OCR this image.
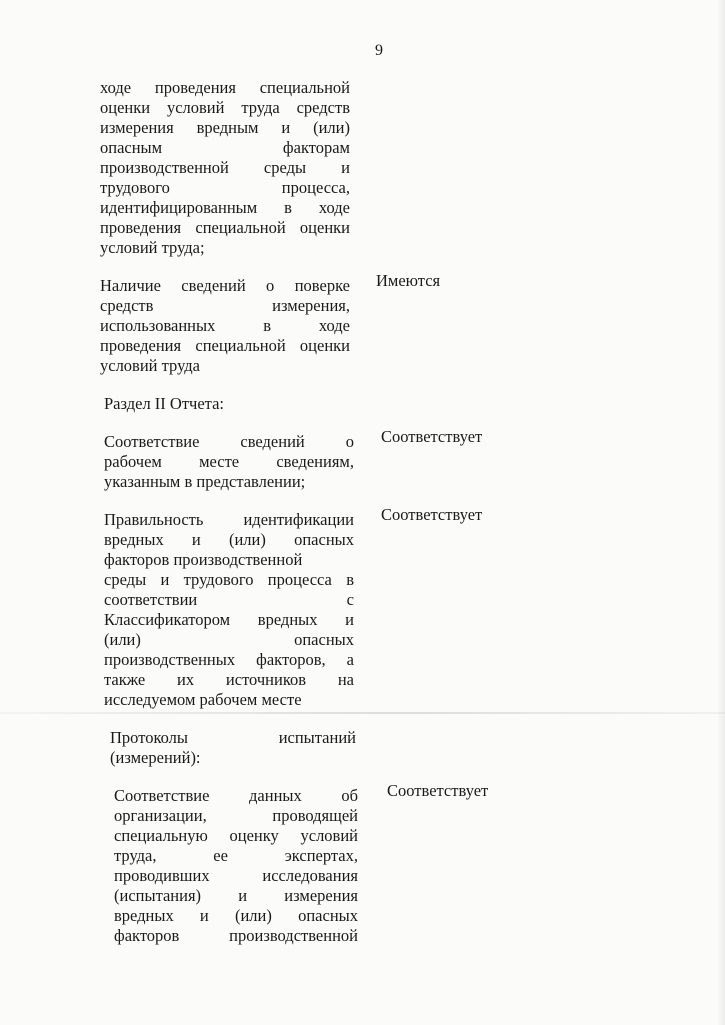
9
ходе проведения специальной
оценки условий труда средств
измерения вредным и (или)
опасным факторам
производственной среды и
трудового процесса,
идентифицированным в ходе
проведения специальной оценки
условий труда;
Наличие сведений о поверке
средств измерения,
использованных в ходе
проведения специальной оценки
условий труда
Имеются
Раздел II Отчета:
Соответствие сведений о
рабочем месте сведениям,
указанным в представлении;
Соответствует
Правильность идентификации
вредных и (или) опасных
факторов производственной
среды и трудового процесса в
соответствии с
Классификатором вредных и
(или) опасных
производственных факторов, а
также их источников на
исследуемом рабочем месте
Соответствует
Протоколы испытаний
(измерений):
Соответствие данных об
организации, проводящей
специальную оценку условий
труда, ее экспертах,
проводивших исследования
(испытания) и измерения
вредных и (или) опасных
факторов производственной
Соответствует
